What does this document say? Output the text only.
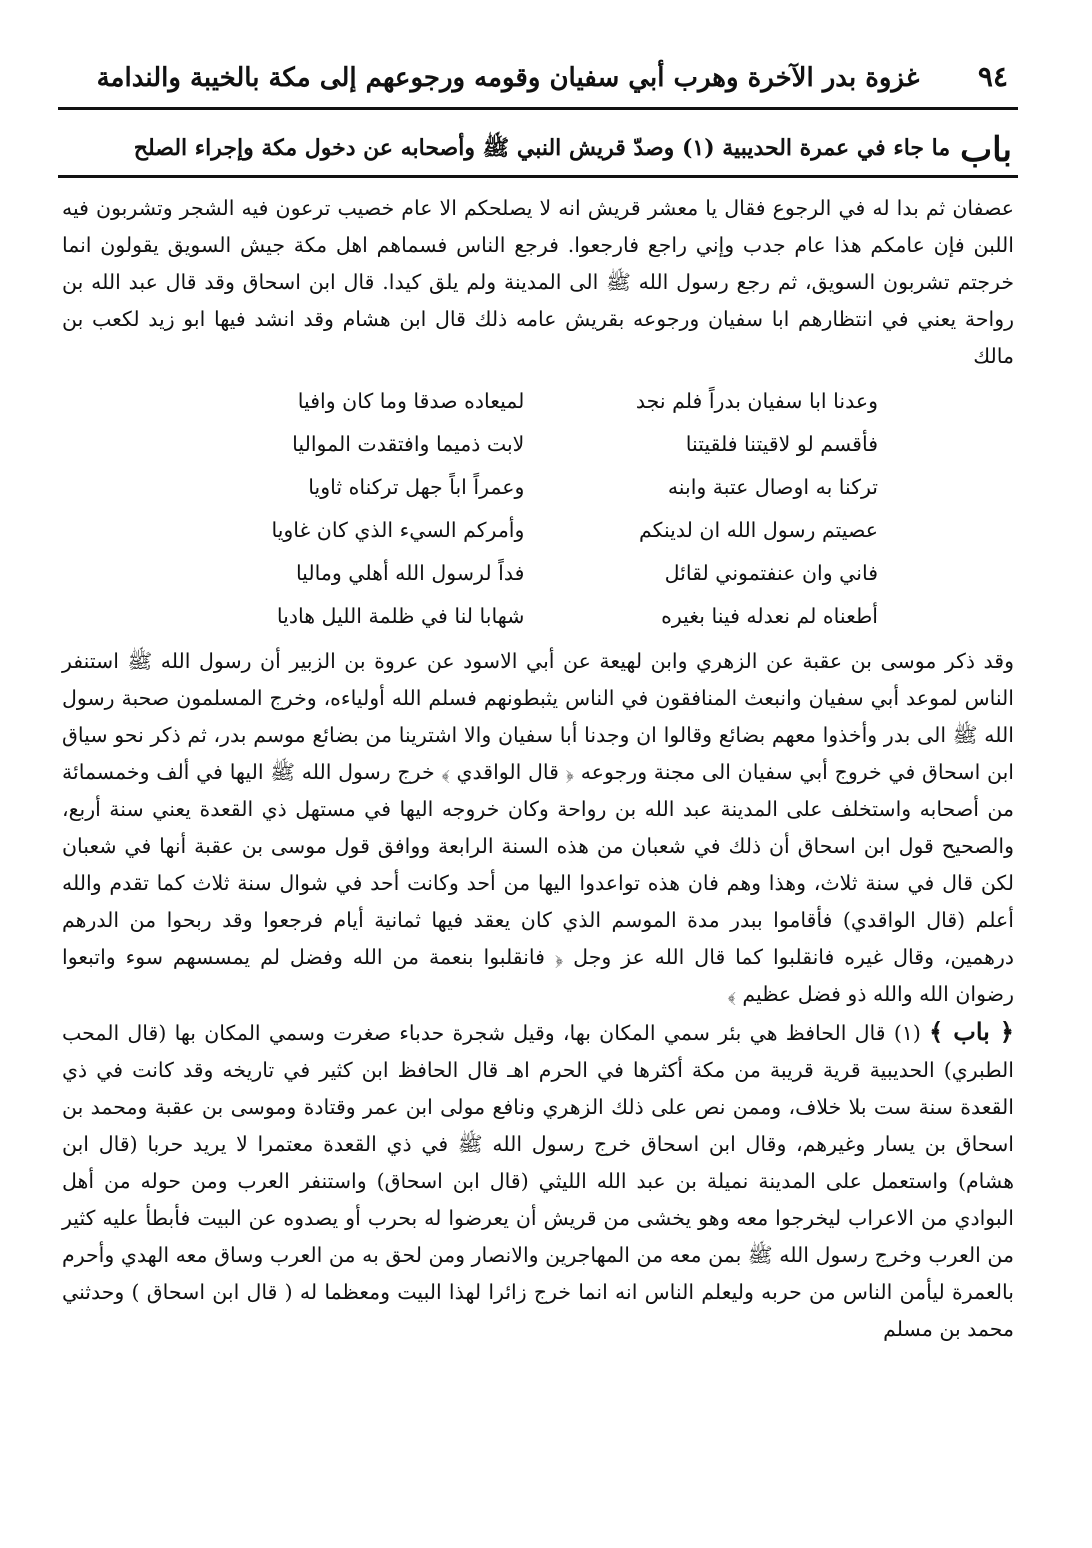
٩٤
غزوة بدر الآخرة وهرب أبي سفيان وقومه ورجوعهم إلى مكة بالخيبة والندامة
باب
ما جاء في عمرة الحديبية (١) وصدّ قريش النبي ﷺ وأصحابه عن دخول مكة وإجراء الصلح

عصفان ثم بدا له في الرجوع فقال يا معشر قريش انه لا يصلحكم الا عام خصيب ترعون فيه الشجر وتشربون فيه اللبن فإن عامكم هذا عام جدب وإني راجع فارجعوا. فرجع الناس فسماهم اهل مكة جيش السويق يقولون انما خرجتم تشربون السويق، ثم رجع رسول الله ﷺ الى المدينة ولم يلق كيدا. قال ابن اسحاق وقد قال عبد الله بن رواحة يعني في انتظارهم ابا سفيان ورجوعه بقريش عامه ذلك قال ابن هشام وقد انشد فيها ابو زيد لكعب بن مالك

وعدنا ابا سفيان بدراً فلم نجد
لميعاده صدقا وما كان وافيا
فأقسم لو لاقيتنا فلقيتنا
لابت ذميما وافتقدت المواليا
تركنا به اوصال عتبة وابنه
وعمراً اباً جهل تركناه ثاويا
عصيتم رسول الله ان لدينكم
وأمركم السيء الذي كان غاويا
فاني وان عنفتموني لقائل
فداً لرسول الله أهلي وماليا
أطعناه لم نعدله فينا بغيره
شهابا لنا في ظلمة الليل هاديا

وقد ذكر موسى بن عقبة عن الزهري وابن لهيعة عن أبي الاسود عن عروة بن الزبير أن رسول الله ﷺ استنفر الناس لموعد أبي سفيان وانبعث المنافقون في الناس يثبطونهم فسلم الله أولياءه، وخرج المسلمون صحبة رسول الله ﷺ الى بدر وأخذوا معهم بضائع وقالوا ان وجدنا أبا سفيان والا اشترينا من بضائع موسم بدر، ثم ذكر نحو سياق ابن اسحاق في خروج أبي سفيان الى مجنة ورجوعه ﴿ قال الواقدي ﴾ خرج رسول الله ﷺ اليها في ألف وخمسمائة من أصحابه واستخلف على المدينة عبد الله بن رواحة وكان خروجه اليها في مستهل ذي القعدة يعني سنة أربع، والصحيح قول ابن اسحاق أن ذلك في شعبان من هذه السنة الرابعة ووافق قول موسى بن عقبة أنها في شعبان لكن قال في سنة ثلاث، وهذا وهم فان هذه تواعدوا اليها من أحد وكانت أحد في شوال سنة ثلاث كما تقدم والله أعلم (قال الواقدي) فأقاموا ببدر مدة الموسم الذي كان يعقد فيها ثمانية أيام فرجعوا وقد ربحوا من الدرهم درهمين، وقال غيره فانقلبوا كما قال الله عز وجل ﴿ فانقلبوا بنعمة من الله وفضل لم يمسسهم سوء واتبعوا رضوان الله والله ذو فضل عظيم ﴾

﴿ باب ﴾ (١) قال الحافظ هي بئر سمي المكان بها، وقيل شجرة حدباء صغرت وسمي المكان بها (قال المحب الطبري) الحديبية قرية قريبة من مكة أكثرها في الحرم اهـ قال الحافظ ابن كثير في تاريخه وقد كانت في ذي القعدة سنة ست بلا خلاف، وممن نص على ذلك الزهري ونافع مولى ابن عمر وقتادة وموسى بن عقبة ومحمد بن اسحاق بن يسار وغيرهم، وقال ابن اسحاق خرج رسول الله ﷺ في ذي القعدة معتمرا لا يريد حربا (قال ابن هشام) واستعمل على المدينة نميلة بن عبد الله الليثي (قال ابن اسحاق) واستنفر العرب ومن حوله من أهل البوادي من الاعراب ليخرجوا معه وهو يخشى من قريش أن يعرضوا له بحرب أو يصدوه عن البيت فأبطأ عليه كثير من العرب وخرج رسول الله ﷺ بمن معه من المهاجرين والانصار ومن لحق به من العرب وساق معه الهدي وأحرم بالعمرة ليأمن الناس من حربه وليعلم الناس انه انما خرج زائرا لهذا البيت ومعظما له ( قال ابن اسحاق ) وحدثني محمد بن مسلم
